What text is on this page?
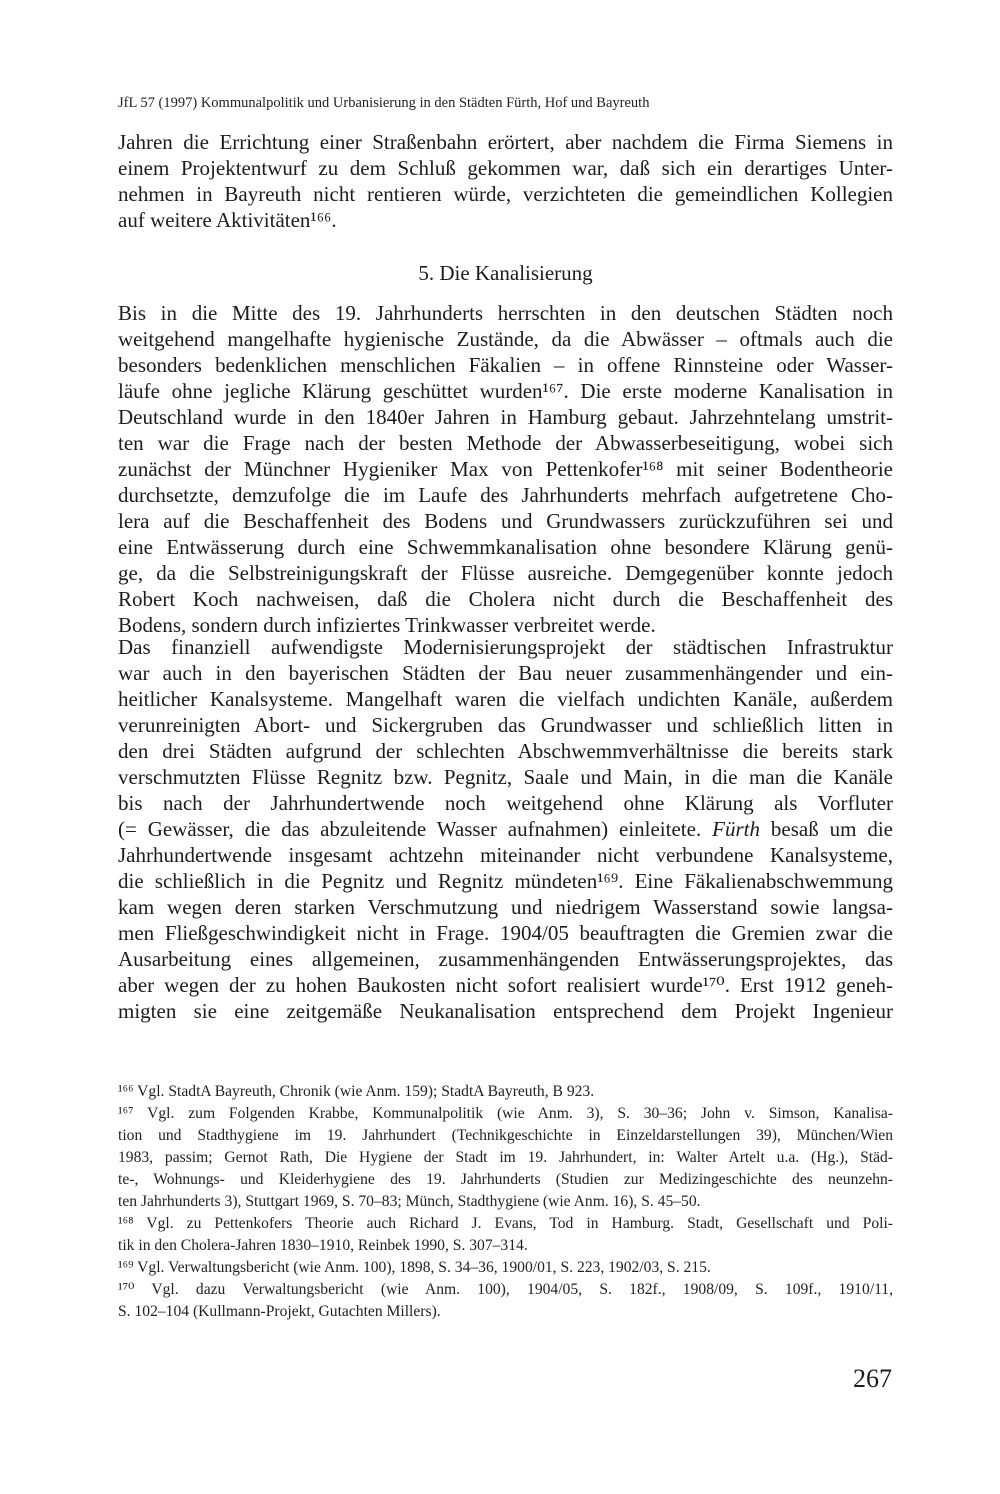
JfL 57 (1997) Kommunalpolitik und Urbanisierung in den Städten Fürth, Hof und Bayreuth
Jahren die Errichtung einer Straßenbahn erörtert, aber nachdem die Firma Siemens in
einem Projektentwurf zu dem Schluß gekommen war, daß sich ein derartiges Unter-
nehmen in Bayreuth nicht rentieren würde, verzichteten die gemeindlichen Kollegien
auf weitere Aktivitäten¹⁶⁶.
5. Die Kanalisierung
Bis in die Mitte des 19. Jahrhunderts herrschten in den deutschen Städten noch
weitgehend mangelhafte hygienische Zustände, da die Abwässer – oftmals auch die
besonders bedenklichen menschlichen Fäkalien – in offene Rinnsteine oder Wasser-
läufe ohne jegliche Klärung geschüttet wurden¹⁶⁷. Die erste moderne Kanalisation in
Deutschland wurde in den 1840er Jahren in Hamburg gebaut. Jahrzehntelang umstrit-
ten war die Frage nach der besten Methode der Abwasserbeseitigung, wobei sich
zunächst der Münchner Hygieniker Max von Pettenkofer¹⁶⁸ mit seiner Bodentheorie
durchsetzte, demzufolge die im Laufe des Jahrhunderts mehrfach aufgetretene Cho-
lera auf die Beschaffenheit des Bodens und Grundwassers zurückzuführen sei und
eine Entwässerung durch eine Schwemmkanalisation ohne besondere Klärung genü-
ge, da die Selbstreinigungskraft der Flüsse ausreiche. Demgegenüber konnte jedoch
Robert Koch nachweisen, daß die Cholera nicht durch die Beschaffenheit des
Bodens, sondern durch infiziertes Trinkwasser verbreitet werde.
Das finanziell aufwendigste Modernisierungsprojekt der städtischen Infrastruktur
war auch in den bayerischen Städten der Bau neuer zusammenhängender und ein-
heitlicher Kanalsysteme. Mangelhaft waren die vielfach undichten Kanäle, außerdem
verunreinigten Abort- und Sickergruben das Grundwasser und schließlich litten in
den drei Städten aufgrund der schlechten Abschwemmverhältnisse die bereits stark
verschmutzten Flüsse Regnitz bzw. Pegnitz, Saale und Main, in die man die Kanäle
bis nach der Jahrhundertwende noch weitgehend ohne Klärung als Vorfluter
(= Gewässer, die das abzuleitende Wasser aufnahmen) einleitete. Fürth besaß um die
Jahrhundertwende insgesamt achtzehn miteinander nicht verbundene Kanalsysteme,
die schließlich in die Pegnitz und Regnitz mündeten¹⁶⁹. Eine Fäkalienabschwemmung
kam wegen deren starken Verschmutzung und niedrigem Wasserstand sowie langsa-
men Fließgeschwindigkeit nicht in Frage. 1904/05 beauftragten die Gremien zwar die
Ausarbeitung eines allgemeinen, zusammenhängenden Entwässerungsprojektes, das
aber wegen der zu hohen Baukosten nicht sofort realisiert wurde¹⁷⁰. Erst 1912 geneh-
migten sie eine zeitgemäße Neukanalisation entsprechend dem Projekt Ingenieur
¹⁶⁶ Vgl. StadtA Bayreuth, Chronik (wie Anm. 159); StadtA Bayreuth, B 923.
¹⁶⁷ Vgl. zum Folgenden Krabbe, Kommunalpolitik (wie Anm. 3), S. 30–36; John v. Simson, Kanalisa-
tion und Stadthygiene im 19. Jahrhundert (Technikgeschichte in Einzeldarstellungen 39), München/Wien
1983, passim; Gernot Rath, Die Hygiene der Stadt im 19. Jahrhundert, in: Walter Artelt u.a. (Hg.), Städ-
te-, Wohnungs- und Kleiderhygiene des 19. Jahrhunderts (Studien zur Medizingeschichte des neunzehn-
ten Jahrhunderts 3), Stuttgart 1969, S. 70–83; Münch, Stadthygiene (wie Anm. 16), S. 45–50.
¹⁶⁸ Vgl. zu Pettenkofers Theorie auch Richard J. Evans, Tod in Hamburg. Stadt, Gesellschaft und Poli-
tik in den Cholera-Jahren 1830–1910, Reinbek 1990, S. 307–314.
¹⁶⁹ Vgl. Verwaltungsbericht (wie Anm. 100), 1898, S. 34–36, 1900/01, S. 223, 1902/03, S. 215.
¹⁷⁰ Vgl. dazu Verwaltungsbericht (wie Anm. 100), 1904/05, S. 182f., 1908/09, S. 109f., 1910/11,
S. 102–104 (Kullmann-Projekt, Gutachten Millers).
267
